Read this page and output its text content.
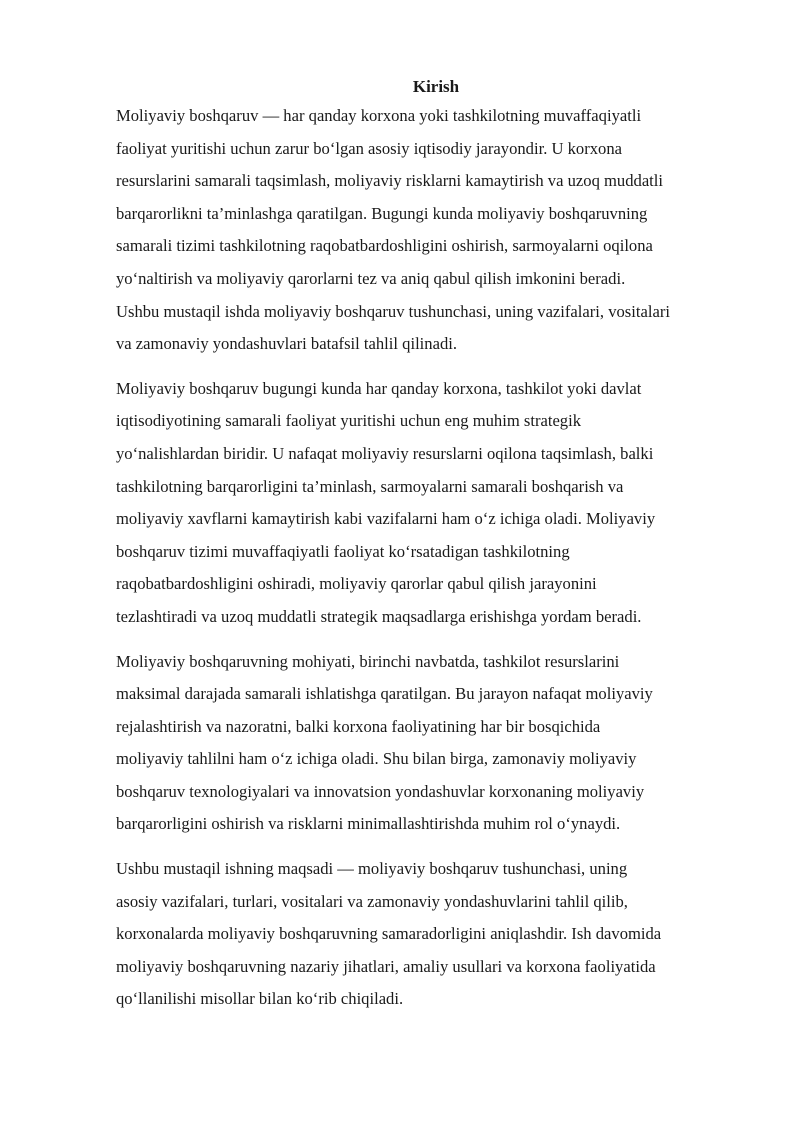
Kirish
Moliyaviy boshqaruv — har qanday korxona yoki tashkilotning muvaffaqiyatli
faoliyat yuritishi uchun zarur bo‘lgan asosiy iqtisodiy jarayondir. U korxona
resurslarini samarali taqsimlash, moliyaviy risklarni kamaytirish va uzoq muddatli
barqarorlikni ta’minlashga qaratilgan. Bugungi kunda moliyaviy boshqaruvning
samarali tizimi tashkilotning raqobatbardoshligini oshirish, sarmoyalarni oqilona
yo‘naltirish va moliyaviy qarorlarni tez va aniq qabul qilish imkonini beradi.
Ushbu mustaqil ishda moliyaviy boshqaruv tushunchasi, uning vazifalari, vositalari
va zamonaviy yondashuvlari batafsil tahlil qilinadi.
Moliyaviy boshqaruv bugungi kunda har qanday korxona, tashkilot yoki davlat
iqtisodiyotining samarali faoliyat yuritishi uchun eng muhim strategik
yo‘nalishlardan biridir. U nafaqat moliyaviy resurslarni oqilona taqsimlash, balki
tashkilotning barqarorligini ta’minlash, sarmoyalarni samarali boshqarish va
moliyaviy xavflarni kamaytirish kabi vazifalarni ham o‘z ichiga oladi. Moliyaviy
boshqaruv tizimi muvaffaqiyatli faoliyat ko‘rsatadigan tashkilotning
raqobatbardoshligini oshiradi, moliyaviy qarorlar qabul qilish jarayonini
tezlashtiradi va uzoq muddatli strategik maqsadlarga erishishga yordam beradi.
Moliyaviy boshqaruvning mohiyati, birinchi navbatda, tashkilot resurslarini
maksimal darajada samarali ishlatishga qaratilgan. Bu jarayon nafaqat moliyaviy
rejalashtirish va nazoratni, balki korxona faoliyatining har bir bosqichida
moliyaviy tahlilni ham o‘z ichiga oladi. Shu bilan birga, zamonaviy moliyaviy
boshqaruv texnologiyalari va innovatsion yondashuvlar korxonaning moliyaviy
barqarorligini oshirish va risklarni minimallashtirishda muhim rol o‘ynaydi.
Ushbu mustaqil ishning maqsadi — moliyaviy boshqaruv tushunchasi, uning
asosiy vazifalari, turlari, vositalari va zamonaviy yondashuvlarini tahlil qilib,
korxonalarda moliyaviy boshqaruvning samaradorligini aniqlashdir. Ish davomida
moliyaviy boshqaruvning nazariy jihatlari, amaliy usullari va korxona faoliyatida
qo‘llanilishi misollar bilan ko‘rib chiqiladi.
